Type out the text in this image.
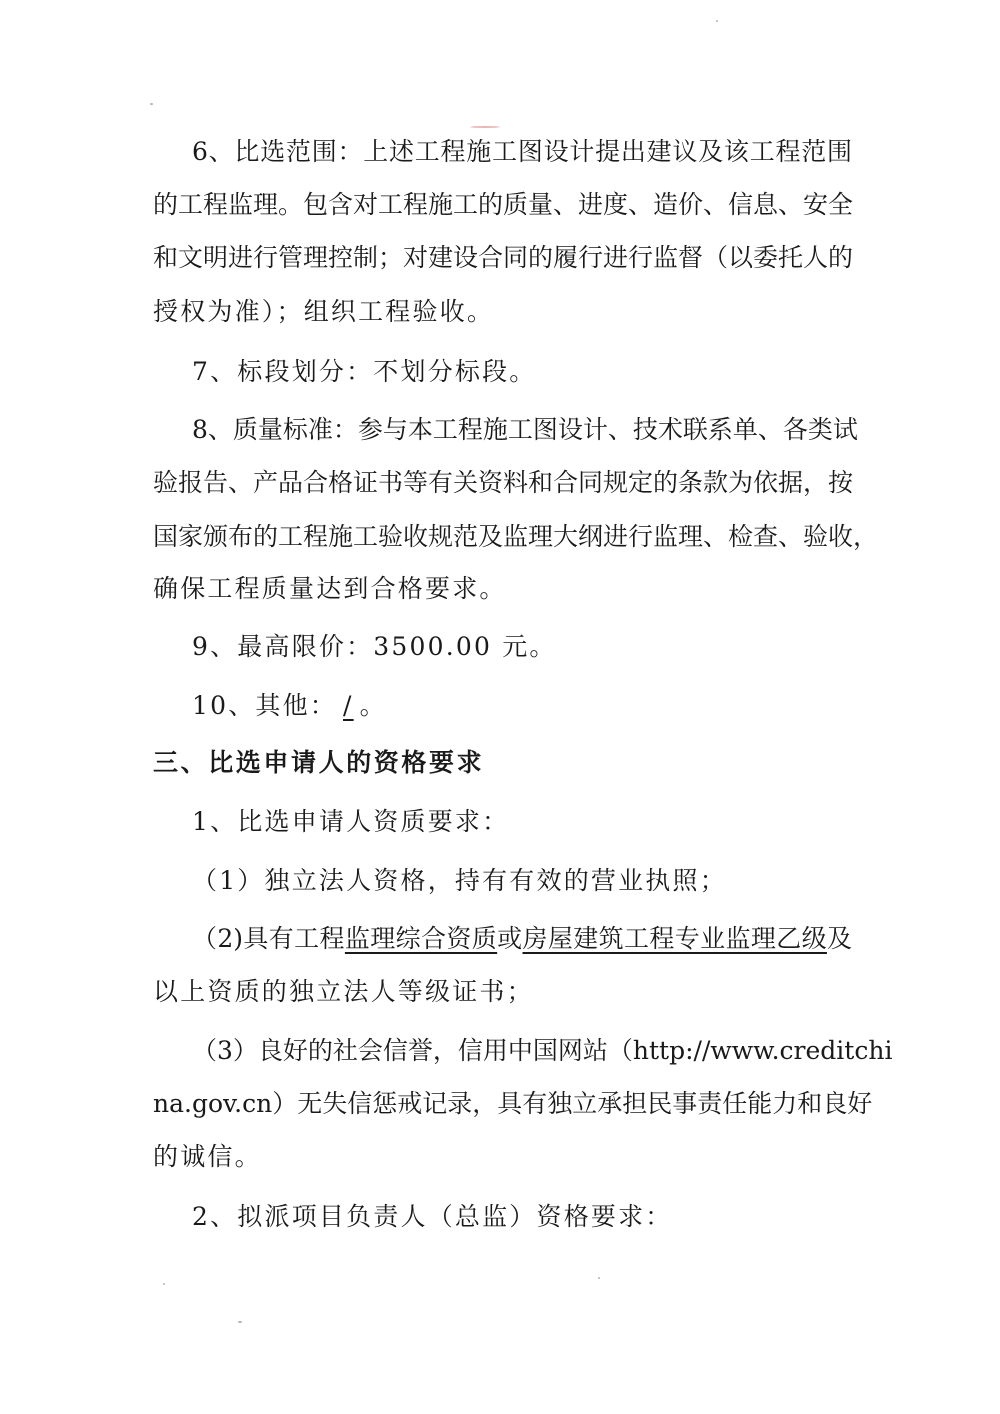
6、比选范围：上述工程施工图设计提出建议及该工程范围
的工程监理。包含对工程施工的质量、进度、造价、信息、安全
和文明进行管理控制；对建设合同的履行进行监督（以委托人的
授权为准）；组织工程验收。
7、标段划分：不划分标段。
8、质量标准：参与本工程施工图设计、技术联系单、各类试
验报告、产品合格证书等有关资料和合同规定的条款为依据，按
国家颁布的工程施工验收规范及监理大纲进行监理、检查、验收，
确保工程质量达到合格要求。
9、最高限价：3500.00 元。
10、其他： / 。
三、比选申请人的资格要求
1、比选申请人资质要求：
（1）独立法人资格，持有有效的营业执照；
（2)具有工程监理综合资质或房屋建筑工程专业监理乙级及
以上资质的独立法人等级证书；
（3）良好的社会信誉，信用中国网站（http://www.creditchi
na.gov.cn）无失信惩戒记录，具有独立承担民事责任能力和良好
的诚信。
2、拟派项目负责人（总监）资格要求：
